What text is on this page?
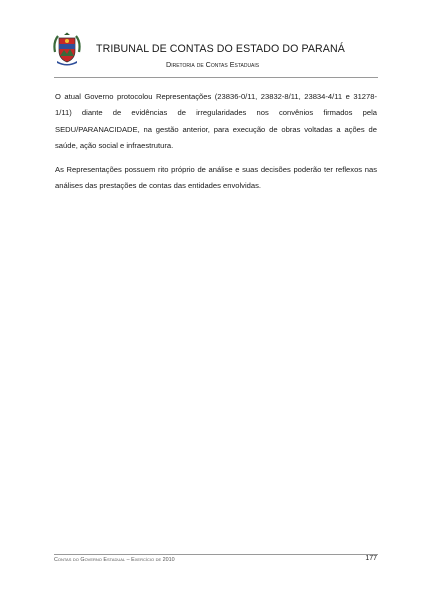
TRIBUNAL DE CONTAS DO ESTADO DO PARANÁ
Diretoria de Contas Estaduais

O atual Governo protocolou Representações (23836-0/11, 23832-8/11, 23834-4/11 e 31278-1/11) diante de evidências de irregularidades nos convênios firmados pela SEDU/PARANACIDADE, na gestão anterior, para execução de obras voltadas a ações de saúde, ação social e infraestrutura.

As Representações possuem rito próprio de análise e suas decisões poderão ter reflexos nas análises das prestações de contas das entidades envolvidas.

Contas do Governo Estadual – Exercício de 2010	177
